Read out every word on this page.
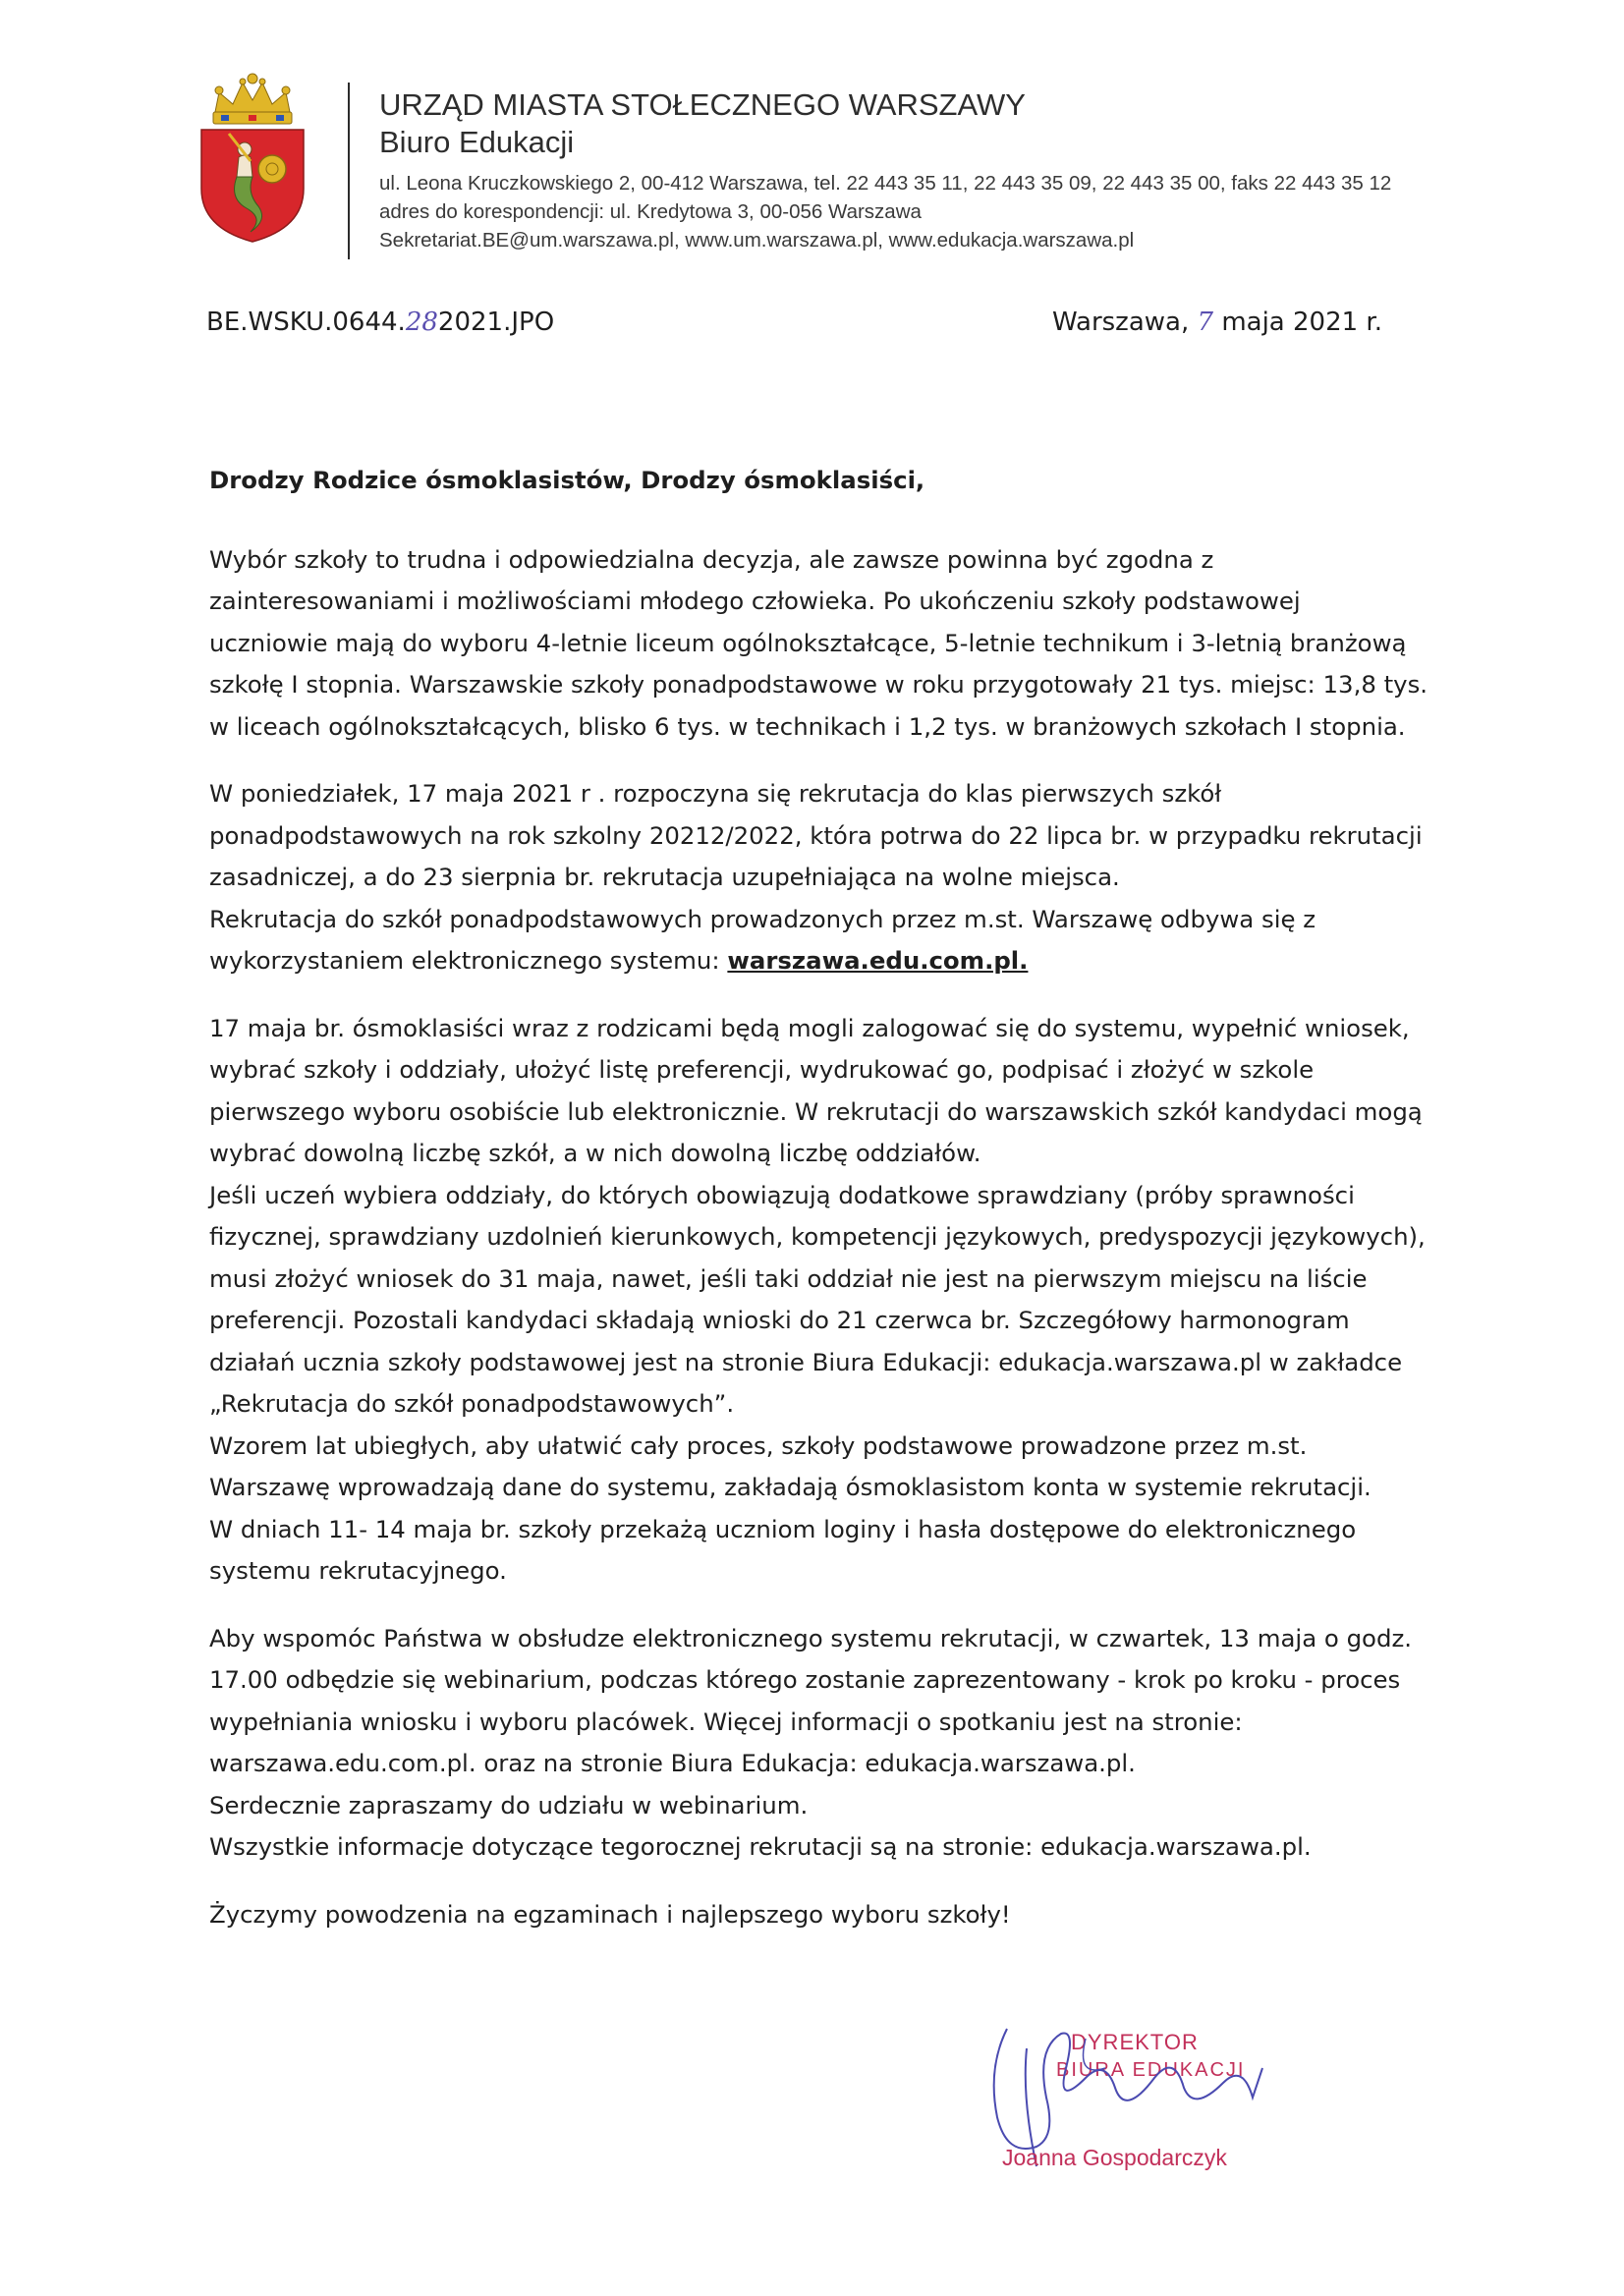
URZĄD MIASTA STOŁECZNEGO WARSZAWY
Biuro Edukacji
ul. Leona Kruczkowskiego 2, 00-412 Warszawa, tel. 22 443 35 11, 22 443 35 09, 22 443 35 00, faks 22 443 35 12
adres do korespondencji: ul. Kredytowa 3, 00-056 Warszawa
Sekretariat.BE@um.warszawa.pl, www.um.warszawa.pl, www.edukacja.warszawa.pl
BE.WSKU.0644.282021.JPO	Warszawa, 7 maja 2021 r.
Drodzy Rodzice ósmoklasistów, Drodzy ósmoklasiści,
Wybór szkoły to trudna i odpowiedzialna decyzja, ale zawsze powinna być zgodna z
zainteresowaniami i możliwościami młodego człowieka. Po ukończeniu szkoły podstawowej
uczniowie mają do wyboru 4-letnie liceum ogólnokształcące, 5-letnie technikum i 3-letnią branżową
szkołę I stopnia. Warszawskie szkoły ponadpodstawowe w roku przygotowały 21 tys. miejsc: 13,8 tys.
w liceach ogólnokształcących, blisko 6 tys. w technikach i 1,2 tys. w branżowych szkołach I stopnia.
W poniedziałek, 17 maja 2021 r . rozpoczyna się rekrutacja do klas pierwszych szkół
ponadpodstawowych na rok szkolny 20212/2022, która potrwa do 22 lipca br. w przypadku rekrutacji
zasadniczej, a do 23 sierpnia br. rekrutacja uzupełniająca na wolne miejsca.
Rekrutacja do szkół ponadpodstawowych prowadzonych przez m.st. Warszawę odbywa się z
wykorzystaniem elektronicznego systemu: warszawa.edu.com.pl.
17 maja br. ósmoklasiści wraz z rodzicami będą mogli zalogować się do systemu, wypełnić wniosek,
wybrać szkoły i oddziały, ułożyć listę preferencji, wydrukować go, podpisać i złożyć w szkole
pierwszego wyboru osobiście lub elektronicznie. W rekrutacji do warszawskich szkół kandydaci mogą
wybrać dowolną liczbę szkół, a w nich dowolną liczbę oddziałów.
Jeśli uczeń wybiera oddziały, do których obowiązują dodatkowe sprawdziany (próby sprawności
fizycznej, sprawdziany uzdolnień kierunkowych, kompetencji językowych, predyspozycji językowych),
musi złożyć wniosek do 31 maja, nawet, jeśli taki oddział nie jest na pierwszym miejscu na liście
preferencji. Pozostali kandydaci składają wnioski do 21 czerwca br. Szczegółowy harmonogram
działań ucznia szkoły podstawowej jest na stronie Biura Edukacji: edukacja.warszawa.pl w zakładce
„Rekrutacja do szkół ponadpodstawowych”.
Wzorem lat ubiegłych, aby ułatwić cały proces, szkoły podstawowe prowadzone przez m.st.
Warszawę wprowadzają dane do systemu, zakładają ósmoklasistom konta w systemie rekrutacji.
W dniach 11- 14 maja br. szkoły przekażą uczniom loginy i hasła dostępowe do elektronicznego
systemu rekrutacyjnego.
Aby wspomóc Państwa w obsłudze elektronicznego systemu rekrutacji, w czwartek, 13 maja o godz.
17.00 odbędzie się webinarium, podczas którego zostanie zaprezentowany - krok po kroku - proces
wypełniania wniosku i wyboru placówek. Więcej informacji o spotkaniu jest na stronie:
warszawa.edu.com.pl. oraz na stronie Biura Edukacja: edukacja.warszawa.pl.
Serdecznie zapraszamy do udziału w webinarium.
Wszystkie informacje dotyczące tegorocznej rekrutacji są na stronie: edukacja.warszawa.pl.
Życzymy powodzenia na egzaminach i najlepszego wyboru szkoły!
DYREKTOR
BIURA EDUKACJI
Joanna Gospodarczyk
